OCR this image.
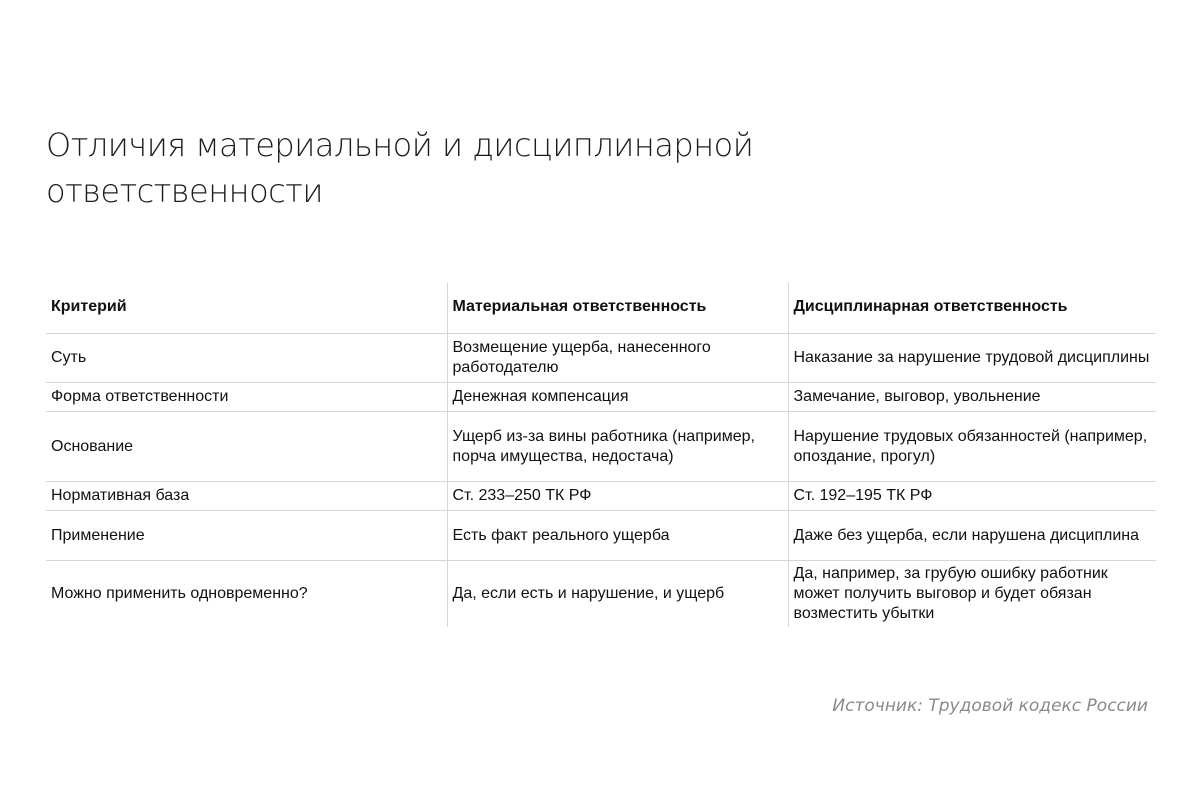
Отличия материальной и дисциплинарной ответственности
Критерий	Материальная ответственность	Дисциплинарная ответственность
Суть	Возмещение ущерба, нанесенного работодателю	Наказание за нарушение трудовой дисциплины
Форма ответственности	Денежная компенсация	Замечание, выговор, увольнение
Основание	Ущерб из-за вины работника (например, порча имущества, недостача)	Нарушение трудовых обязанностей (например, опоздание, прогул)
Нормативная база	Ст. 233–250 ТК РФ	Ст. 192–195 ТК РФ
Применение	Есть факт реального ущерба	Даже без ущерба, если нарушена дисциплина
Можно применить одновременно?	Да, если есть и нарушение, и ущерб	Да, например, за грубую ошибку работник может получить выговор и будет обязан возместить убытки
Источник: Трудовой кодекс России
